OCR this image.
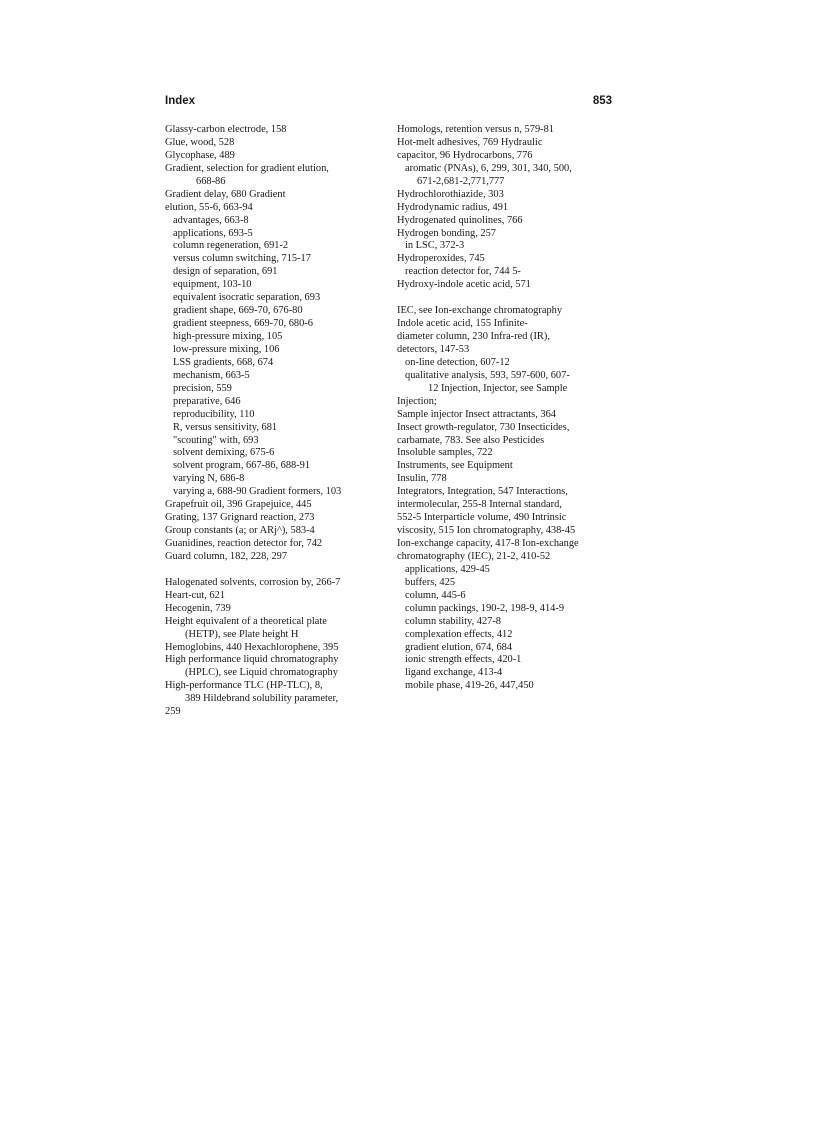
Index	853
Glassy-carbon electrode, 158
Glue, wood, 528
Glycophase, 489
Gradient, selection for gradient elution,
668-86
Gradient delay, 680 Gradient
elution, 55-6, 663-94
advantages, 663-8
applications, 693-5
column regeneration, 691-2
versus column switching, 715-17
design of separation, 691
equipment, 103-10
equivalent isocratic separation, 693
gradient shape, 669-70, 676-80
gradient steepness, 669-70, 680-6
high-pressure mixing, 105
low-pressure mixing, 106
LSS gradients, 668, 674
mechanism, 663-5
precision, 559
preparative, 646
reproducibility, 110
R, versus sensitivity, 681
"scouting" with, 693
solvent demixing, 675-6
solvent program, 667-86, 688-91
varying N, 686-8
varying a, 688-90 Gradient formers, 103
Grapefruit oil, 396 Grapejuice, 445
Grating, 137 Grignard reaction, 273
Group constants (a; or ARj^), 583-4
Guanidines, reaction detector for, 742
Guard column, 182, 228, 297
Halogenated solvents, corrosion by, 266-7
Heart-cut, 621
Hecogenin, 739
Height equivalent of a theoretical plate
(HETP), see Plate height H
Hemoglobins, 440 Hexachlorophene, 395
High performance liquid chromatography
(HPLC), see Liquid chromatography
High-performance TLC (HP-TLC), 8,
389 Hildebrand solubility parameter,
259
Homologs, retention versus n, 579-81
Hot-melt adhesives, 769 Hydraulic
capacitor, 96 Hydrocarbons, 776
aromatic (PNAs), 6, 299, 301, 340, 500,
671-2,681-2,771,777
Hydrochlorothiazide, 303
Hydrodynamic radius, 491
Hydrogenated quinolines, 766
Hydrogen bonding, 257
in LSC, 372-3
Hydroperoxides, 745
reaction detector for, 744 5-
Hydroxy-indole acetic acid, 571
IEC, see Ion-exchange chromatography
Indole acetic acid, 155 Infinite-
diameter column, 230 Infra-red (IR),
detectors, 147-53
on-line detection, 607-12
qualitative analysis, 593, 597-600, 607-
12 Injection, Injector, see Sample
Injection;
Sample injector Insect attractants, 364
Insect growth-regulator, 730 Insecticides,
carbamate, 783. See also Pesticides
Insoluble samples, 722
Instruments, see Equipment
Insulin, 778
Integrators, Integration, 547 Interactions,
intermolecular, 255-8 Internal standard,
552-5 Interparticle volume, 490 Intrinsic
viscosity, 515 Ion chromatography, 438-45
Ion-exchange capacity, 417-8 Ion-exchange
chromatography (IEC), 21-2, 410-52
applications, 429-45
buffers, 425
column, 445-6
column packings, 190-2, 198-9, 414-9
column stability, 427-8
complexation effects, 412
gradient elution, 674, 684
ionic strength effects, 420-1
ligand exchange, 413-4
mobile phase, 419-26, 447,450
